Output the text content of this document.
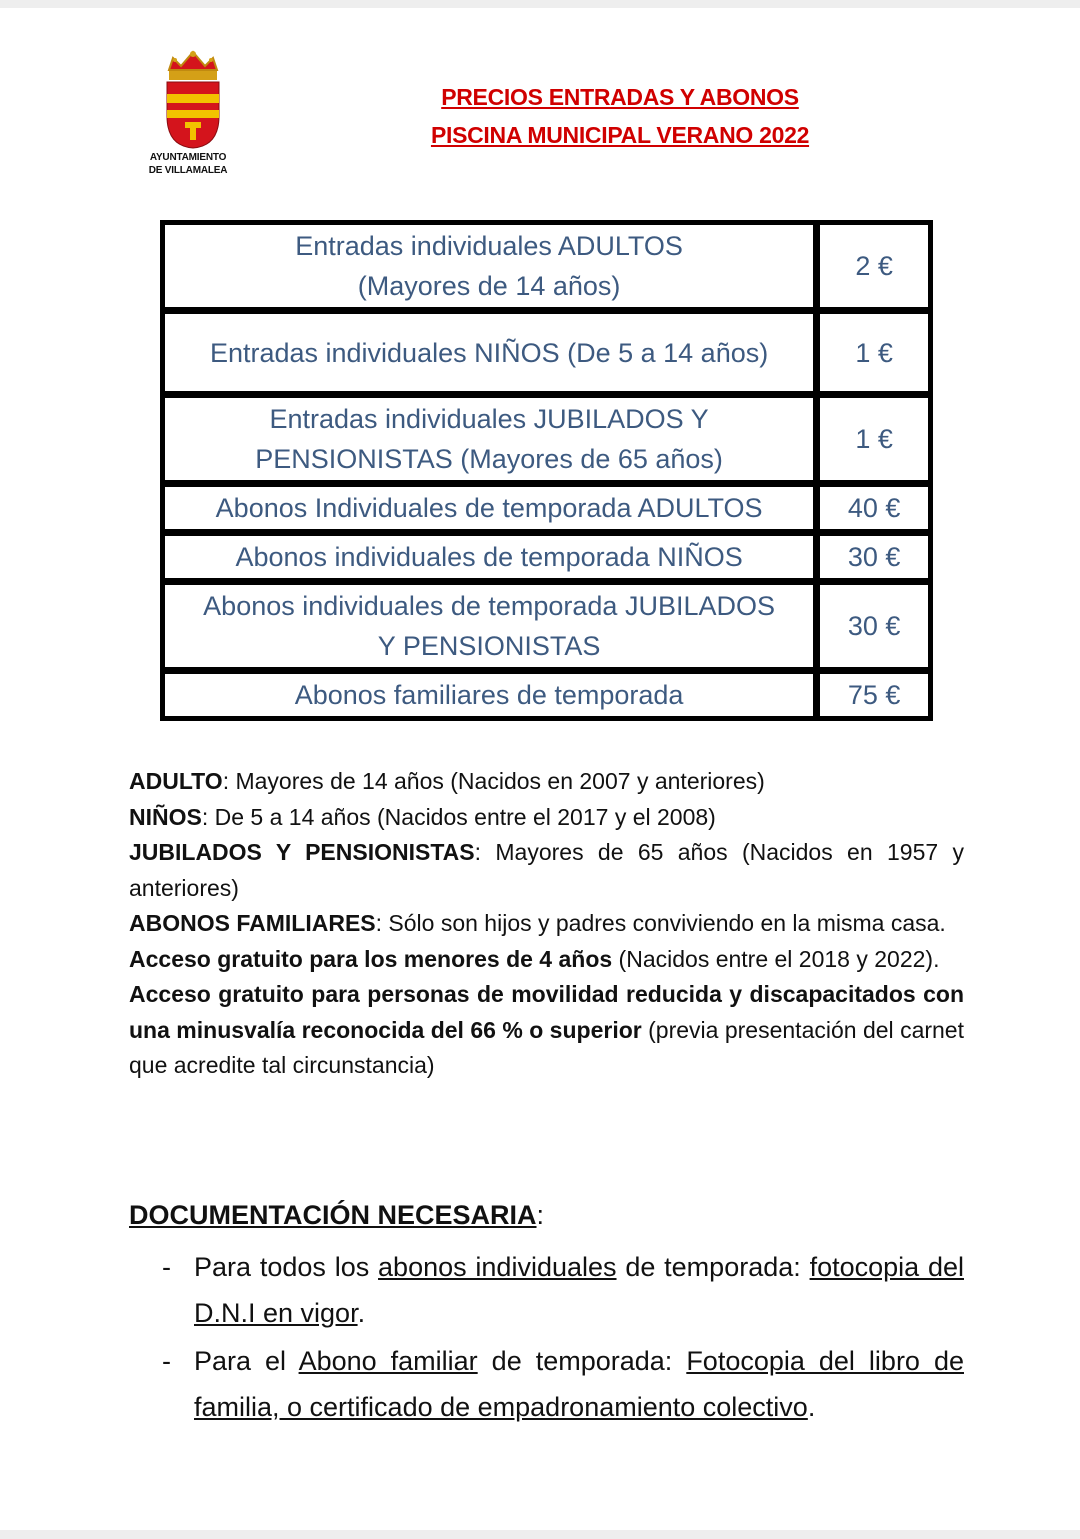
AYUNTAMIENTO
DE VILLAMALEA
PRECIOS ENTRADAS Y ABONOS
PISCINA MUNICIPAL VERANO 2022
Entradas individuales ADULTOS
(Mayores de 14 años)		2 €

Entradas individuales NIÑOS (De 5 a 14 años)		1 €

Entradas individuales JUBILADOS Y
PENSIONISTAS (Mayores de 65 años)		1 €

Abonos Individuales de temporada ADULTOS		40 €

Abonos individuales de temporada NIÑOS		30 €

Abonos individuales de temporada JUBILADOS
Y PENSIONISTAS		30 €

Abonos familiares de temporada		75 €

ADULTO: Mayores de 14 años (Nacidos en 2007 y anteriores)

NIÑOS: De 5 a 14 años (Nacidos entre el 2017 y el 2008)

JUBILADOS Y PENSIONISTAS: Mayores de 65 años (Nacidos en 1957 y anteriores)

ABONOS FAMILIARES: Sólo son hijos y padres conviviendo en la misma casa.

Acceso gratuito para los menores de 4 años (Nacidos entre el 2018 y 2022).

Acceso gratuito para personas de movilidad reducida y discapacitados con una minusvalía reconocida del 66 % o superior (previa presentación del carnet que acredite tal circunstancia)

DOCUMENTACIÓN NECESARIA:
- Para todos los abonos individuales de temporada: fotocopia del D.N.I en vigor.
- Para el Abono familiar de temporada: Fotocopia del libro de familia, o certificado de empadronamiento colectivo.
